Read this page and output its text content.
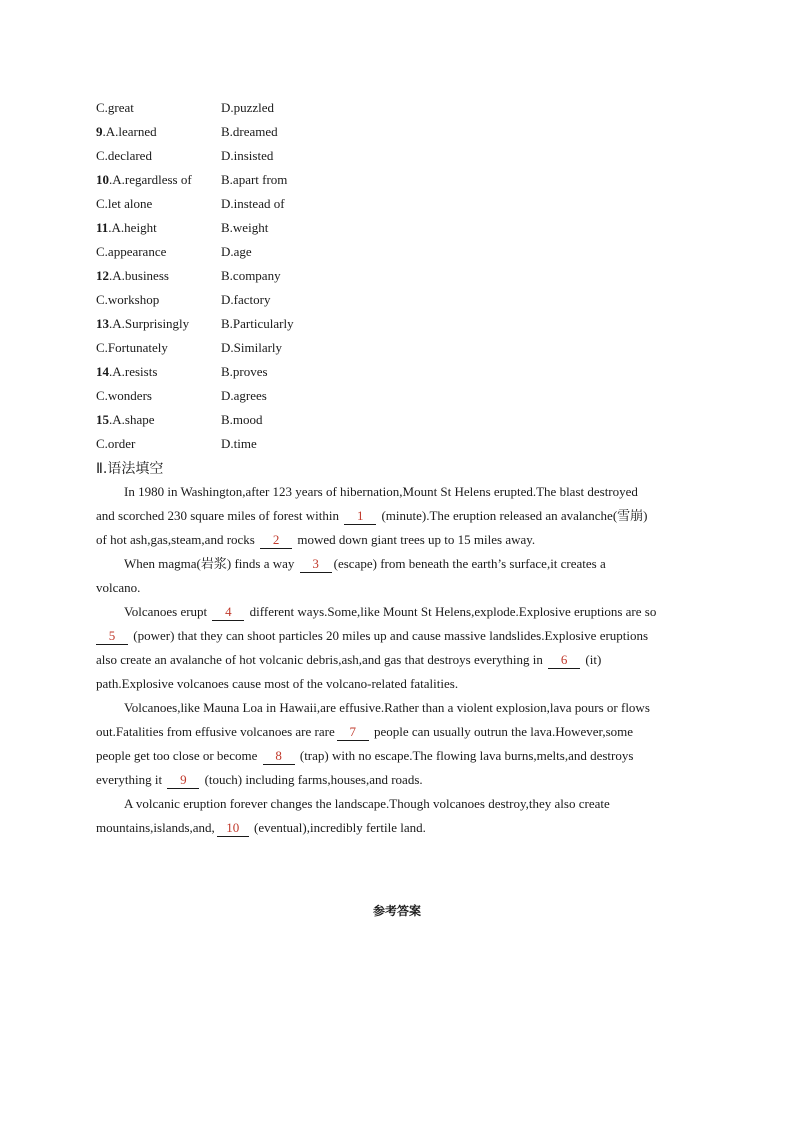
C.great	D.puzzled
9.A.learned	B.dreamed
C.declared	D.insisted
10.A.regardless of B.apart from
C.let alone	D.instead of
11.A.height	B.weight
C.appearance	D.age
12.A.business	B.company
C.workshop	D.factory
13.A.Surprisingly B.Particularly
C.Fortunately	D.Similarly
14.A.resists	B.proves
C.wonders	D.agrees
15.A.shape	B.mood
C.order	D.time
Ⅱ.语法填空
In 1980 in Washington,after 123 years of hibernation,Mount St Helens erupted.The blast destroyed
and scorched 230 square miles of forest within 1 (minute).The eruption released an avalanche(雪崩)
of hot ash,gas,steam,and rocks 2 mowed down giant trees up to 15 miles away.
When magma(岩浆) finds a way 3 (escape) from beneath the earth’s surface,it creates a
volcano.
Volcanoes erupt 4 different ways.Some,like Mount St Helens,explode.Explosive eruptions are so
5 (power) that they can shoot particles 20 miles up and cause massive landslides.Explosive eruptions
also create an avalanche of hot volcanic debris,ash,and gas that destroys everything in 6 (it)
path.Explosive volcanoes cause most of the volcano-related fatalities.
Volcanoes,like Mauna Loa in Hawaii,are effusive.Rather than a violent explosion,lava pours or flows
out.Fatalities from effusive volcanoes are rare 7 people can usually outrun the lava.However,some
people get too close or become 8 (trap) with no escape.The flowing lava burns,melts,and destroys
everything it 9 (touch) including farms,houses,and roads.
A volcanic eruption forever changes the landscape.Though volcanoes destroy,they also create
mountains,islands,and, 10 (eventual),incredibly fertile land.
参考答案
